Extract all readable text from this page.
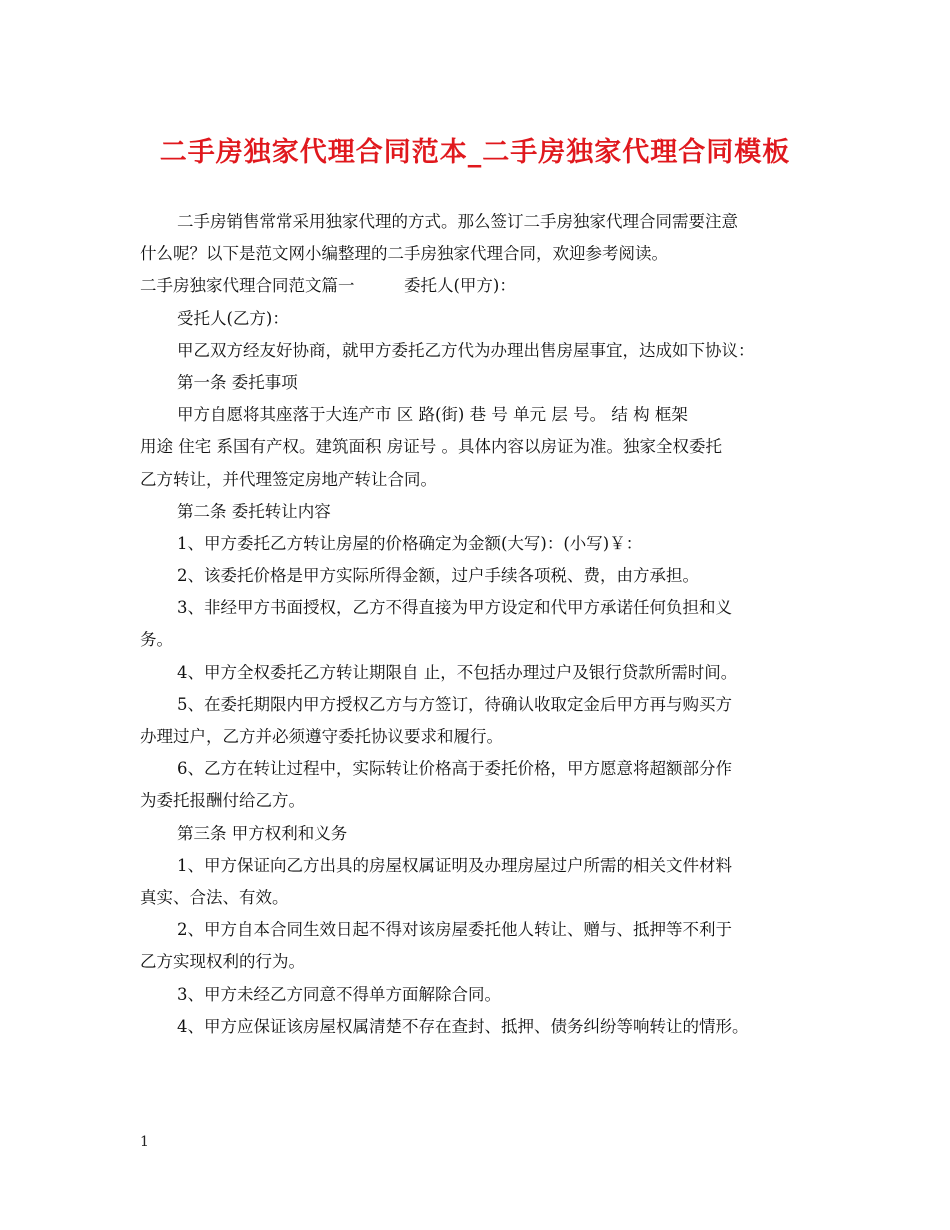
二手房独家代理合同范本_二手房独家代理合同模板
二手房销售常常采用独家代理的方式。那么签订二手房独家代理合同需要注意
什么呢？以下是范文网小编整理的二手房独家代理合同，欢迎参考阅读。
二手房独家代理合同范文篇一　　　委托人(甲方)：
受托人(乙方)：
甲乙双方经友好协商，就甲方委托乙方代为办理出售房屋事宜，达成如下协议：
第一条 委托事项
甲方自愿将其座落于大连产市 区 路(街) 巷 号 单元 层 号。 结 构 框架
用途 住宅 系国有产权。建筑面积 房证号 。具体内容以房证为准。独家全权委托
乙方转让，并代理签定房地产转让合同。
第二条 委托转让内容
1、甲方委托乙方转让房屋的价格确定为金额(大写)：(小写)￥：
2、该委托价格是甲方实际所得金额，过户手续各项税、费，由方承担。
3、非经甲方书面授权，乙方不得直接为甲方设定和代甲方承诺任何负担和义
务。
4、甲方全权委托乙方转让期限自 止，不包括办理过户及银行贷款所需时间。
5、在委托期限内甲方授权乙方与方签订，待确认收取定金后甲方再与购买方
办理过户，乙方并必须遵守委托协议要求和履行。
6、乙方在转让过程中，实际转让价格高于委托价格，甲方愿意将超额部分作
为委托报酬付给乙方。
第三条 甲方权利和义务
1、甲方保证向乙方出具的房屋权属证明及办理房屋过户所需的相关文件材料
真实、合法、有效。
2、甲方自本合同生效日起不得对该房屋委托他人转让、赠与、抵押等不利于
乙方实现权利的行为。
3、甲方未经乙方同意不得单方面解除合同。
4、甲方应保证该房屋权属清楚不存在查封、抵押、债务纠纷等响转让的情形。
1
